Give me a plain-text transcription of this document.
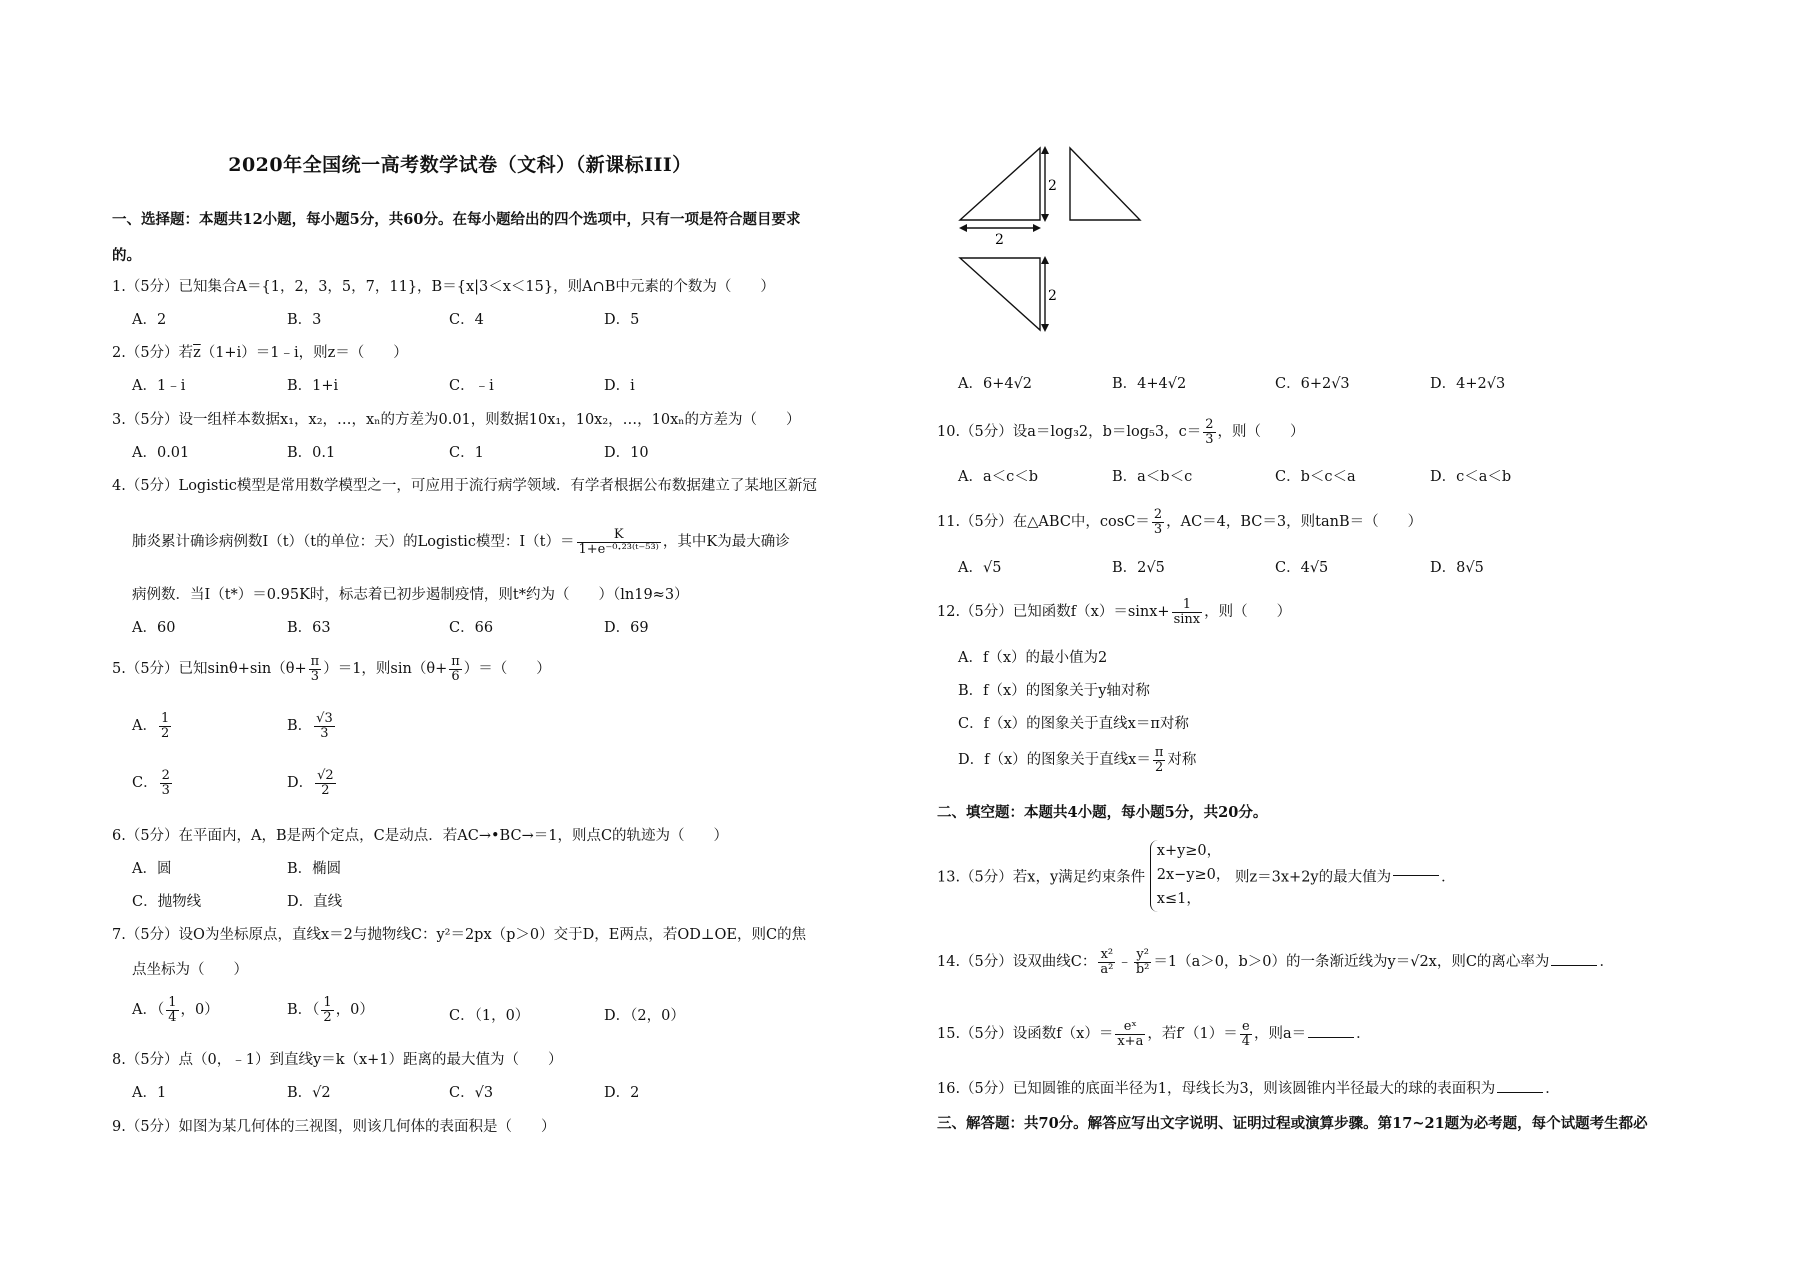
2020年全国统一高考数学试卷（文科）（新课标III）
一、选择题：本题共12小题，每小题5分，共60分。在每小题给出的四个选项中，只有一项是符合题目要求
的。
1.（5分）已知集合A＝{1，2，3，5，7，11}，B＝{x|3＜x＜15}，则A∩B中元素的个数为（　　）
A．2	B．3	C．4	D．5
2.（5分）若$\overline{z}(1+i)=1﹣i$，则z＝（　　）
A．1﹣i	B．1+i	C．﹣i	D．i
3.（5分）设一组样本数据x₁，x₂，…，xₙ的方差为0.01，则数据10x₁，10x₂，…，10xₙ的方差为（　　）
A．0.01	B．0.1	C．1	D．10
4.（5分）Logistic模型是常用数学模型之一，可应用于流行病学领域．有学者根据公布数据建立了某地区新冠
肺炎累计确诊病例数I（t）（t的单位：天）的Logistic模型：$I(t)= \frac{K}{\text{1+e⁻⁰·²³⁽ᵗ⁻⁵³⁾}}$ ，其中K为最大确诊
病例数．当I（t*）＝0.95K时，标志着已初步遏制疫情，则t*约为（　　）（ln19≈3）
A．60	B．63	C．66	D．69
5.（5分）已知$\sin\theta+\sin(\theta+ \frac{\pi}{3} )=1$，则$\sin(\theta+ \frac{\pi}{6}$ ）＝（　　）
A． $\frac{1}{2}$	B． $\frac{√3}{3}$
C． $\frac{2}{3}$	D． $\frac{√2}{2}$
6.（5分）在平面内，A，B是两个定点，C是动点．若AC→•BC→＝1，则点C的轨迹为（　　）
A．圆	B．椭圆
C．抛物线	D．直线
7.（5分）设O为坐标原点，直线x＝2与抛物线C：y²＝2px（p＞0）交于D，E两点，若OD⊥OE，则C的焦
点坐标为（　　）
A．（ $\frac{1}{4}$ ，0）	B．（ $\frac{1}{2}$ ，0）	C．（1，0）	D．（2，0）
8.（5分）点（0，﹣1）到直线y＝k（x+1）距离的最大值为（　　）
A．1	B．√2	C．√3	D．2
9.（5分）如图为某几何体的三视图，则该几何体的表面积是（　　）
2
2
2
A．6+4√2	B．4+4√2	C．6+2√3	D．4+2√3
10.（5分）设a＝log₃2，b＝log₅3，$c= \frac{2}{3}$ ，则（　　）
A．a＜c＜b	B．a＜b＜c	C．b＜c＜a	D．c＜a＜b
11.（5分）在△ABC中，$\cos C= \frac{2}{3}$ ，AC＝4，BC＝3，则tanB＝（　　）
A．√5	B．2√5	C．4√5	D．8√5
12.（5分）已知函数$f(x)=\sin x+ \frac{1}{\sin x}$ ，则（　　）
A．f（x）的最小值为2
B．f（x）的图象关于y轴对称
C．f（x）的图象关于直线x＝π对称
D．f（x）的图象关于直线$x= \frac{\pi}{2}$ 对称
二、填空题：本题共4小题，每小题5分，共20分。
13.（5分）若x，y满足约束条件
x+y≥0，
2x−y≥0，
x≤1，
则z＝3x+2y的最大值为	．
14.（5分）设双曲线C： $\frac{\text{x²}}{\text{a²}}$ ﹣ $\frac{\text{y²}}{\text{b²}} =1(a>0$，b＞0）的一条渐近线为y＝√2x，则C的离心率为	．
15.（5分）设函数$f(x)= \frac{\text{eˣ}}{x+a}$ ，若$f'(1)= \frac{e}{4}$ ，则a＝	．
16.（5分）已知圆锥的底面半径为1，母线长为3，则该圆锥内半径最大的球的表面积为	．
三、解答题：共70分。解答应写出文字说明、证明过程或演算步骤。第17~21题为必考题，每个试题考生都必
